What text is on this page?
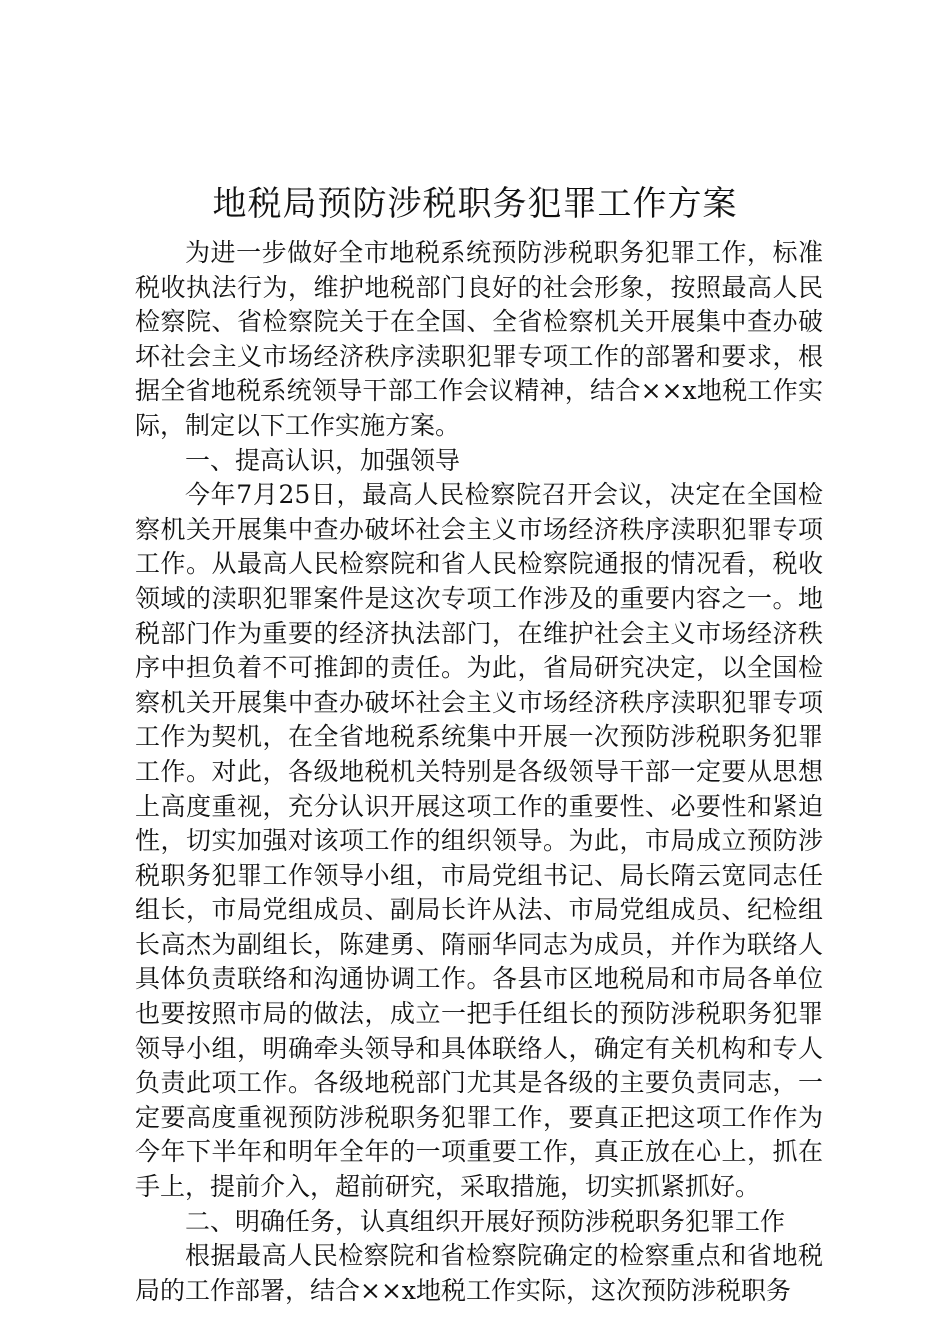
地税局预防涉税职务犯罪工作方案

为进一步做好全市地税系统预防涉税职务犯罪工作，标准税收执法行为，维护地税部门良好的社会形象，按照最高人民检察院、省检察院关于在全国、全省检察机关开展集中查办破坏社会主义市场经济秩序渎职犯罪专项工作的部署和要求，根据全省地税系统领导干部工作会议精神，结合××x地税工作实际，制定以下工作实施方案。

一、提高认识，加强领导

今年7月25日，最高人民检察院召开会议，决定在全国检察机关开展集中查办破坏社会主义市场经济秩序渎职犯罪专项工作。从最高人民检察院和省人民检察院通报的情况看，税收领域的渎职犯罪案件是这次专项工作涉及的重要内容之一。地税部门作为重要的经济执法部门，在维护社会主义市场经济秩序中担负着不可推卸的责任。为此，省局研究决定，以全国检察机关开展集中查办破坏社会主义市场经济秩序渎职犯罪专项工作为契机，在全省地税系统集中开展一次预防涉税职务犯罪工作。对此，各级地税机关特别是各级领导干部一定要从思想上高度重视，充分认识开展这项工作的重要性、必要性和紧迫性，切实加强对该项工作的组织领导。为此，市局成立预防涉税职务犯罪工作领导小组，市局党组书记、局长隋云宽同志任组长，市局党组成员、副局长许从法、市局党组成员、纪检组长高杰为副组长，陈建勇、隋丽华同志为成员，并作为联络人具体负责联络和沟通协调工作。各县市区地税局和市局各单位也要按照市局的做法，成立一把手任组长的预防涉税职务犯罪领导小组，明确牵头领导和具体联络人，确定有关机构和专人负责此项工作。各级地税部门尤其是各级的主要负责同志，一定要高度重视预防涉税职务犯罪工作，要真正把这项工作作为今年下半年和明年全年的一项重要工作，真正放在心上，抓在手上，提前介入，超前研究，采取措施，切实抓紧抓好。

二、明确任务，认真组织开展好预防涉税职务犯罪工作

根据最高人民检察院和省检察院确定的检察重点和省地税局的工作部署，结合××x地税工作实际，这次预防涉税职务
